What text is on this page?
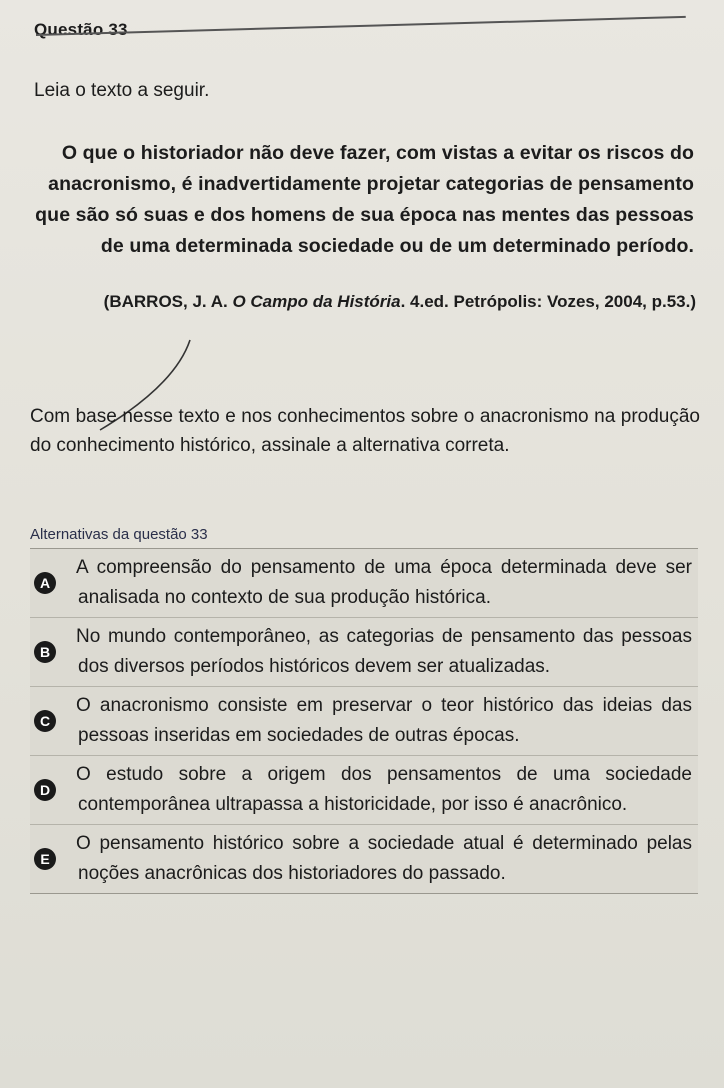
Questão 33
Leia o texto a seguir.

O que o historiador não deve fazer, com vistas a evitar os riscos do anacronismo, é inadvertidamente projetar categorias de pensamento que são só suas e dos homens de sua época nas mentes das pessoas de uma determinada sociedade ou de um determinado período.

(BARROS, J. A. O Campo da História. 4.ed. Petrópolis: Vozes, 2004, p.53.)
Com base nesse texto e nos conhecimentos sobre o anacronismo na produção do conhecimento histórico, assinale a alternativa correta.
Alternativas da questão 33
A
A compreensão do pensamento de uma época determinada deve ser analisada no contexto de sua produção histórica.
B
No mundo contemporâneo, as categorias de pensamento das pessoas dos diversos períodos históricos devem ser atualizadas.
C
O anacronismo consiste em preservar o teor histórico das ideias das pessoas inseridas em sociedades de outras épocas.
D
O estudo sobre a origem dos pensamentos de uma sociedade contemporânea ultrapassa a historicidade, por isso é anacrônico.
E
O pensamento histórico sobre a sociedade atual é determinado pelas noções anacrônicas dos historiadores do passado.
